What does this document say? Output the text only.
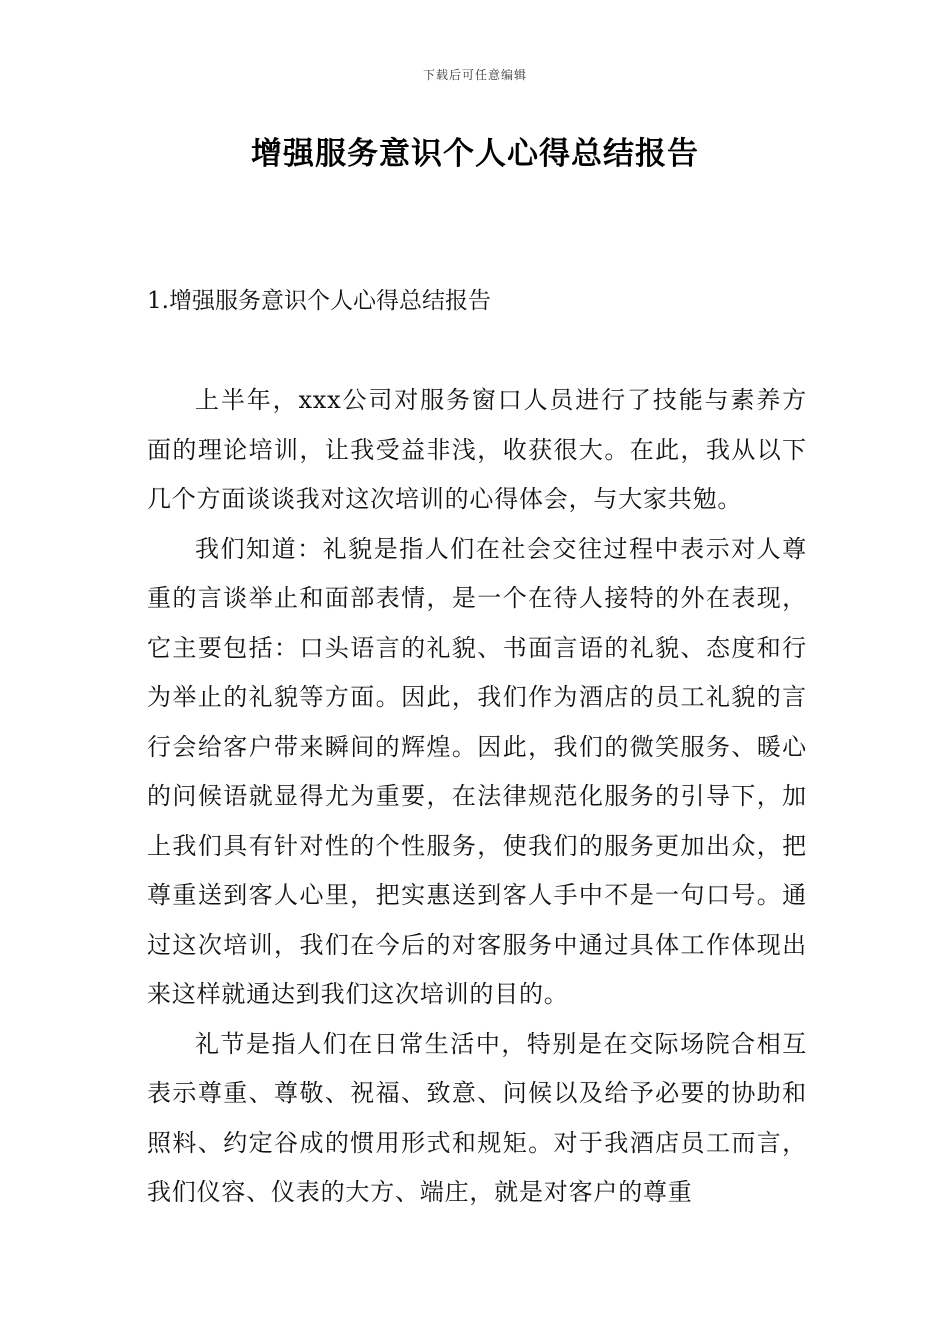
下载后可任意编辑
增强服务意识个人心得总结报告
1.增强服务意识个人心得总结报告

上半年，xxx公司对服务窗口人员进行了技能与素养方面的理论培训，让我受益非浅，收获很大。在此，我从以下几个方面谈谈我对这次培训的心得体会，与大家共勉。

我们知道：礼貌是指人们在社会交往过程中表示对人尊重的言谈举止和面部表情，是一个在待人接特的外在表现，它主要包括：口头语言的礼貌、书面言语的礼貌、态度和行为举止的礼貌等方面。因此，我们作为酒店的员工礼貌的言行会给客户带来瞬间的辉煌。因此，我们的微笑服务、暖心的问候语就显得尤为重要，在法律规范化服务的引导下，加上我们具有针对性的个性服务，使我们的服务更加出众，把尊重送到客人心里，把实惠送到客人手中不是一句口号。通过这次培训，我们在今后的对客服务中通过具体工作体现出来这样就通达到我们这次培训的目的。

礼节是指人们在日常生活中，特别是在交际场院合相互表示尊重、尊敬、祝福、致意、问候以及给予必要的协助和照料、约定谷成的惯用形式和规矩。对于我酒店员工而言，我们仪容、仪表的大方、端庄，就是对客户的尊重
